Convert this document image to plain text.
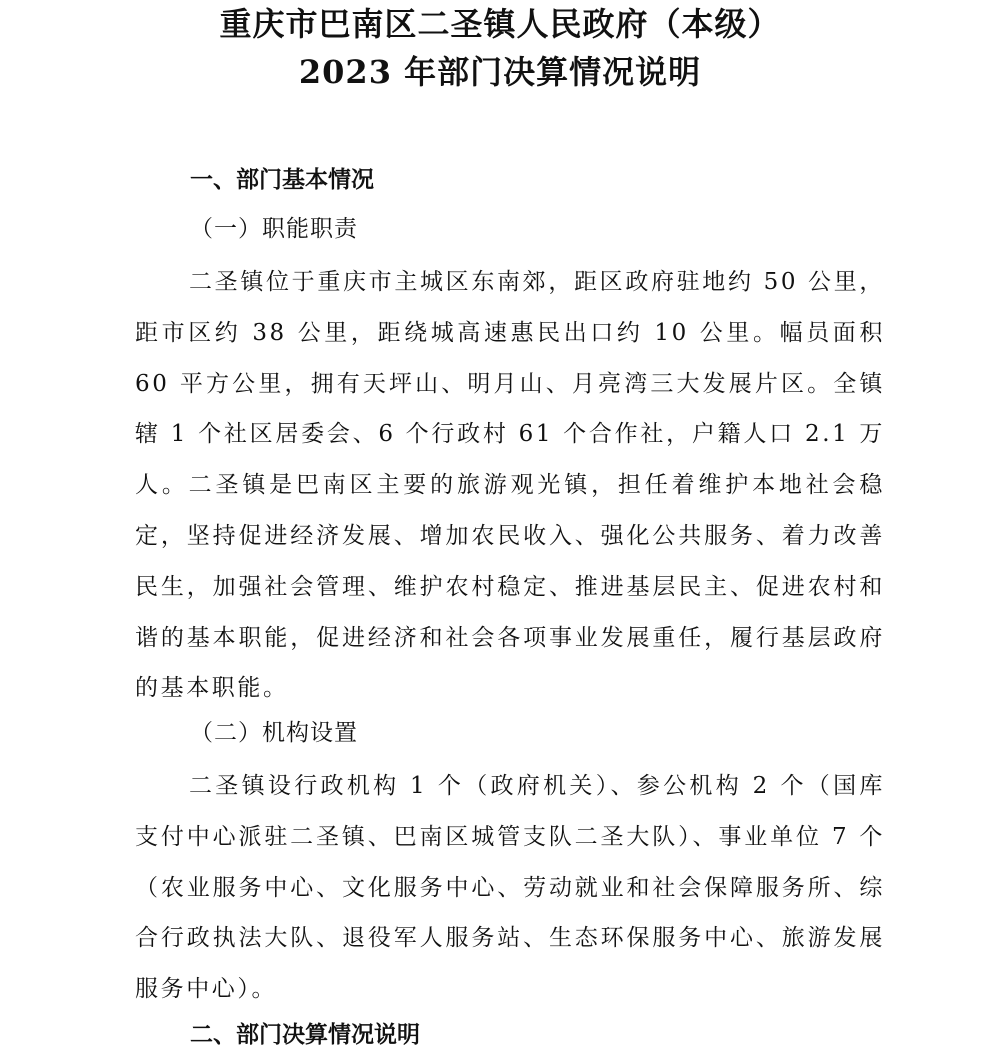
重庆市巴南区二圣镇人民政府（本级）
2023 年部门决算情况说明
一、部门基本情况
（一）职能职责
二圣镇位于重庆市主城区东南郊，距区政府驻地约 50 公里，距市区约 38 公里，距绕城高速惠民出口约 10 公里。幅员面积 60 平方公里，拥有天坪山、明月山、月亮湾三大发展片区。全镇辖 1 个社区居委会、6 个行政村 61 个合作社，户籍人口 2.1 万人。二圣镇是巴南区主要的旅游观光镇，担任着维护本地社会稳定，坚持促进经济发展、增加农民收入、强化公共服务、着力改善民生，加强社会管理、维护农村稳定、推进基层民主、促进农村和谐的基本职能，促进经济和社会各项事业发展重任，履行基层政府的基本职能。
（二）机构设置
二圣镇设行政机构 1 个（政府机关）、参公机构 2 个（国库支付中心派驻二圣镇、巴南区城管支队二圣大队）、事业单位 7 个（农业服务中心、文化服务中心、劳动就业和社会保障服务所、综合行政执法大队、退役军人服务站、生态环保服务中心、旅游发展服务中心）。
二、部门决算情况说明
